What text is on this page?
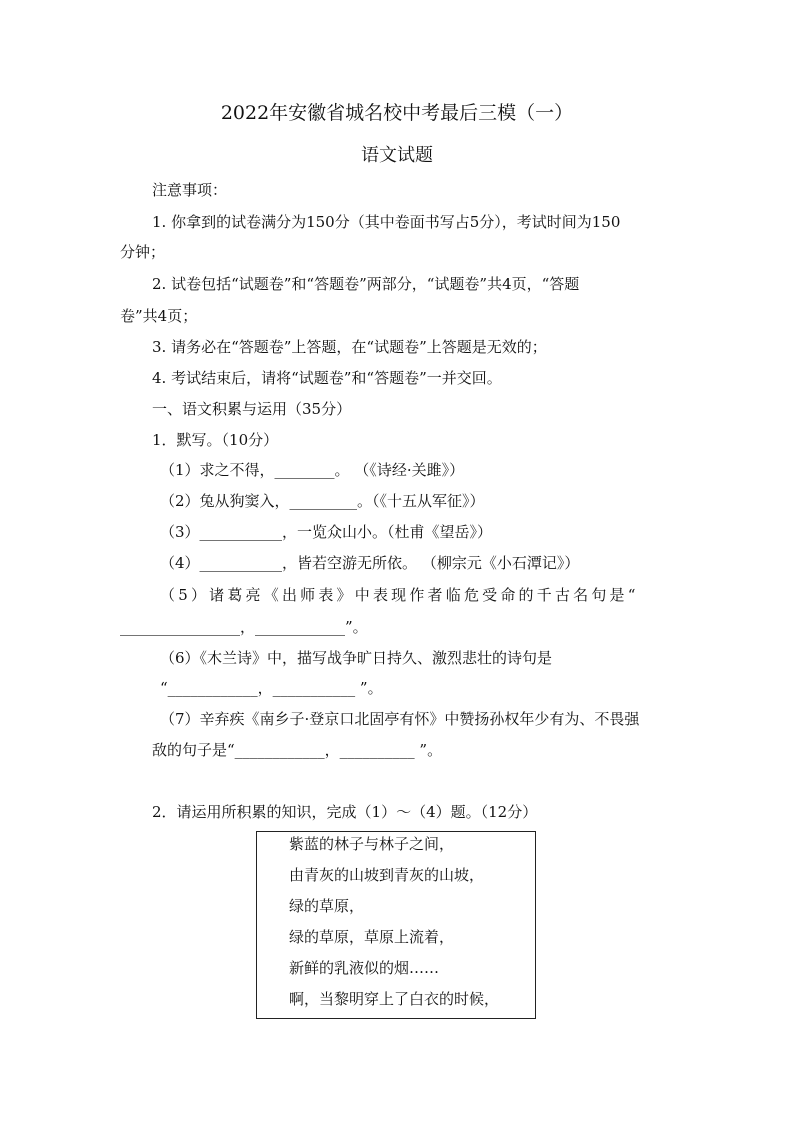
2022年安徽省城名校中考最后三模（一）
语文试题
注意事项：
1. 你拿到的试卷满分为150分（其中卷面书写占5分），考试时间为150
分钟；
2. 试卷包括“试题卷”和“答题卷”两部分，“试题卷”共4页，“答题
卷”共4页；
3. 请务必在“答题卷”上答题，在“试题卷”上答题是无效的；
4. 考试结束后，请将“试题卷”和“答题卷”一并交回。
一、语文积累与运用（35分）
1．默写。（10分）
（1）求之不得，________。 （《诗经·关雎》）
（2）兔从狗窦入，_________。（《十五从军征》）
（3）___________，一览众山小。（杜甫《望岳》）
（4）___________，皆若空游无所依。 （柳宗元《小石潭记》）
（5）诸葛亮《出师表》中表现作者临危受命的千古名句是“
________________，____________”。
（6）《木兰诗》中，描写战争旷日持久、激烈悲壮的诗句是
“____________，___________ ”。
（7）辛弃疾《南乡子·登京口北固亭有怀》中赞扬孙权年少有为、不畏强
敌的句子是“____________，__________ ”。
2．请运用所积累的知识，完成（1）～（4）题。（12分）
紫蓝的林子与林子之间，
由青灰的山坡到青灰的山坡，
绿的草原，
绿的草原，草原上流着，
新鲜的乳液似的烟……
啊，当黎明穿上了白衣的时候，
